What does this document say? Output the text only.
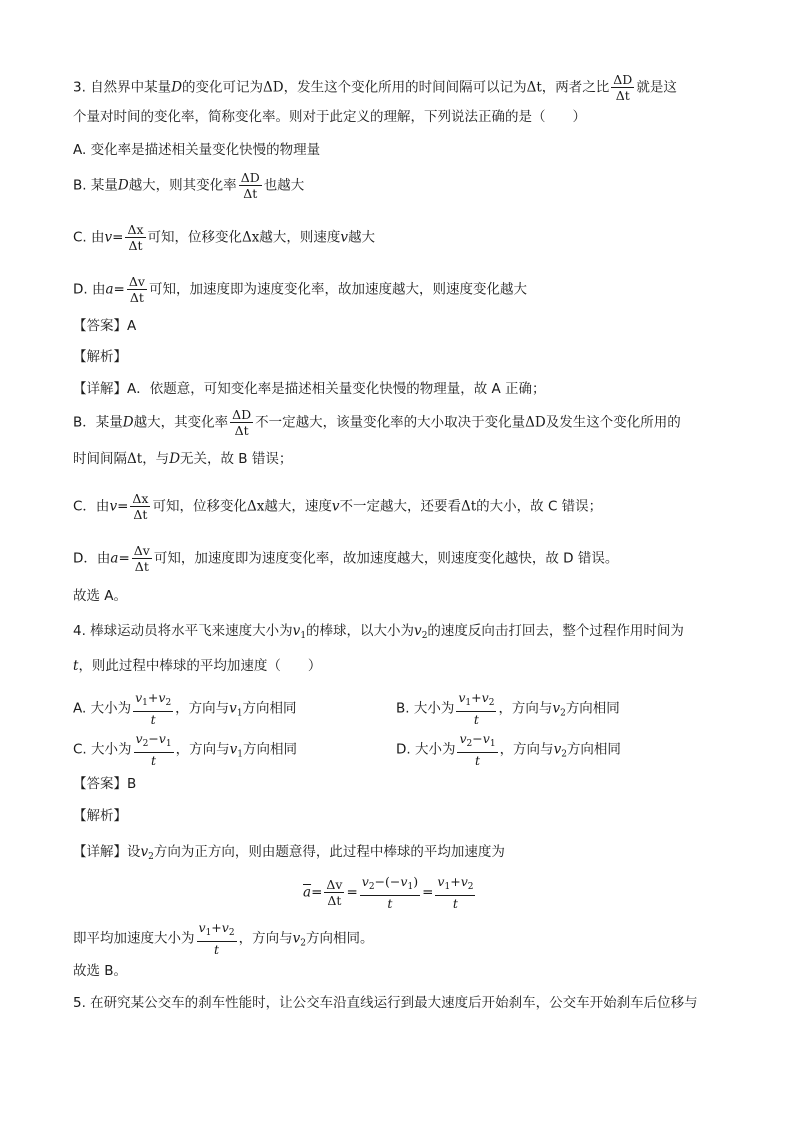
3. 自然界中某量D的变化可记为ΔD，发生这个变化所用的时间间隔可以记为Δt，两者之比 $\frac{\Delta D}{\Delta t}$ 就是这
个量对时间的变化率，简称变化率。则对于此定义的理解，下列说法正确的是（　　）
A. 变化率是描述相关量变化快慢的物理量
B. 某量D越大，则其变化率 $\frac{\Delta D}{\Delta t}$ 也越大
C. 由$v= \frac{\Delta x}{\Delta t}$ 可知，位移变化Δx越大，则速度v越大
D. 由$a= \frac{\Delta v}{\Delta t}$ 可知，加速度即为速度变化率，故加速度越大，则速度变化越大
【答案】A
【解析】
【详解】A．依题意，可知变化率是描述相关量变化快慢的物理量，故 A 正确；
B．某量D越大，其变化率 $\frac{\Delta D}{\Delta t}$ 不一定越大，该量变化率的大小取决于变化量ΔD及发生这个变化所用的
时间间隔Δt，与D无关，故 B 错误；
C．由$v= \frac{\Delta x}{\Delta t}$ 可知，位移变化Δx越大，速度v不一定越大，还要看Δt的大小，故 C 错误；
D．由$a= \frac{\Delta v}{\Delta t}$ 可知，加速度即为速度变化率，故加速度越大，则速度变化越快，故 D 错误。
故选 A。
4. 棒球运动员将水平飞来速度大小为$v_1$的棒球，以大小为$v_2$的速度反向击打回去，整个过程作用时间为
t，则此过程中棒球的平均加速度（　　）
A. 大小为 $\frac{v_1+v_2}{t}$ ，方向与$v_1$方向相同	B. 大小为 $\frac{v_1+v_2}{t}$ ，方向与$v_2$方向相同
C. 大小为 $\frac{v_2-v_1}{t}$ ，方向与$v_1$方向相同	D. 大小为 $\frac{v_2-v_1}{t}$ ，方向与$v_2$方向相同
【答案】B
【解析】
【详解】设$v_2$方向为正方向，则由题意得，此过程中棒球的平均加速度为
$\overline{a}= \frac{\Delta v}{\Delta t} = \frac{v_2-(-v_1)}{t} = \frac{v_1+v_2}{t}$
即平均加速度大小为 $\frac{v_1+v_2}{t}$ ，方向与$v_2$方向相同。
故选 B。
5. 在研究某公交车的刹车性能时，让公交车沿直线运行到最大速度后开始刹车，公交车开始刹车后位移与
